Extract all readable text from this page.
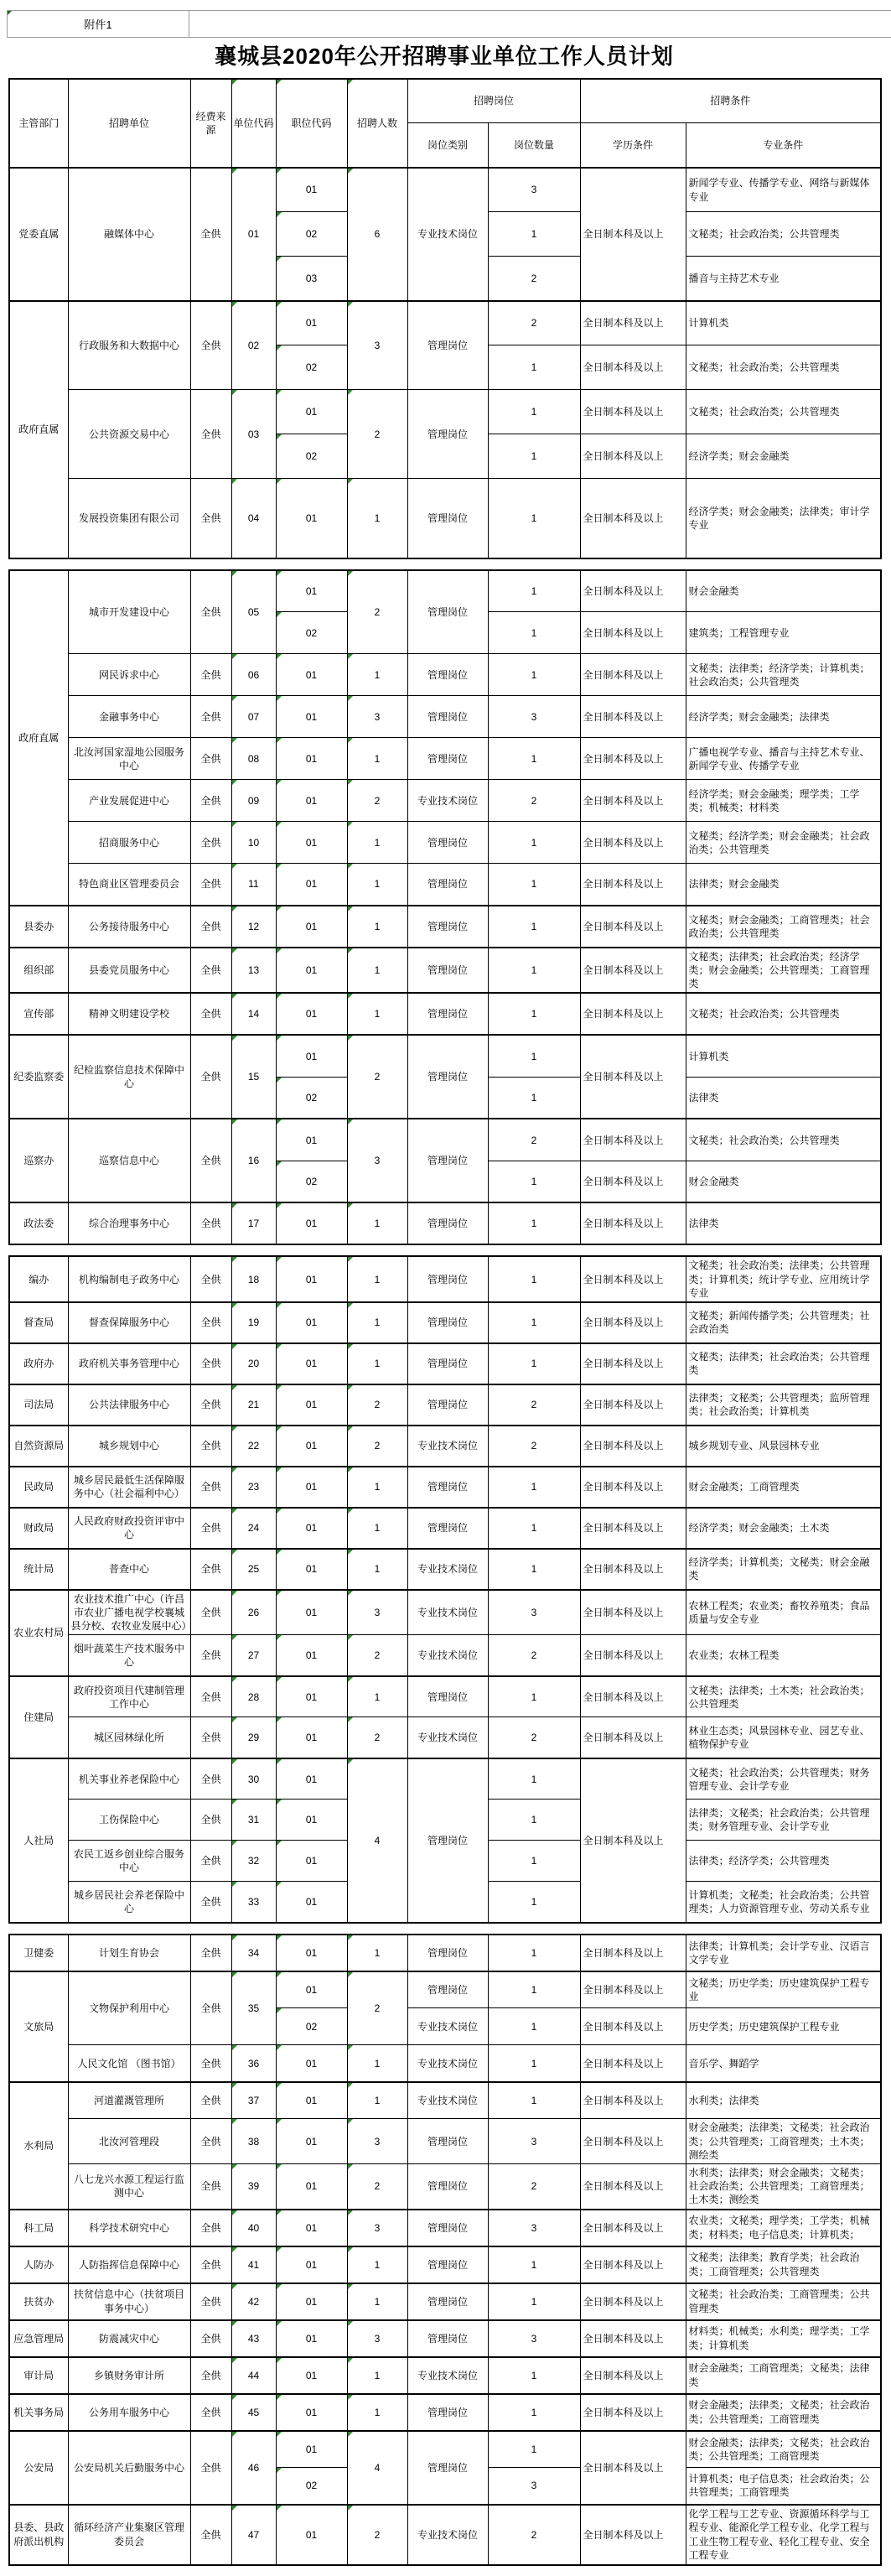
附件1
襄城县2020年公开招聘事业单位工作人员计划
主管部门	招聘单位	经费来源	单位代码	职位代码	招聘人数	招聘岗位		招聘条件	
						岗位类别	岗位数量	学历条件	专业条件
党委直属	融媒体中心	全供	01	01	6	专业技术岗位	3	全日制本科及以上	新闻学专业、传播学专业、网络与新媒体专业
				02			1		文秘类；社会政治类；公共管理类
				03			2		播音与主持艺术专业
政府直属	行政服务和大数据中心	全供	02	01	3	管理岗位	2	全日制本科及以上	计算机类
				02			1	全日制本科及以上	文秘类；社会政治类；公共管理类
	公共资源交易中心	全供	03	01	2	管理岗位	1	全日制本科及以上	文秘类；社会政治类；公共管理类
				02			1	全日制本科及以上	经济学类；财会金融类
	发展投资集团有限公司	全供	04	01	1	管理岗位	1	全日制本科及以上	经济学类；财会金融类；法律类；审计学专业
政府直属	城市开发建设中心	全供	05	01	2	管理岗位	1	全日制本科及以上	财会金融类
				02			1	全日制本科及以上	建筑类；工程管理专业
	网民诉求中心	全供	06	01	1	管理岗位	1	全日制本科及以上	文秘类；法律类；经济学类；计算机类；社会政治类；公共管理类
	金融事务中心	全供	07	01	3	管理岗位	3	全日制本科及以上	经济学类；财会金融类；法律类
	北汝河国家湿地公园服务中心	全供	08	01	1	管理岗位	1	全日制本科及以上	广播电视学专业、播音与主持艺术专业、新闻学专业、传播学专业
	产业发展促进中心	全供	09	01	2	专业技术岗位	2	全日制本科及以上	经济学类；财会金融类；理学类；工学类；机械类；材料类
	招商服务中心	全供	10	01	1	管理岗位	1	全日制本科及以上	文秘类；经济学类；财会金融类；社会政治类；公共管理类
	特色商业区管理委员会	全供	11	01	1	管理岗位	1	全日制本科及以上	法律类；财会金融类
县委办	公务接待服务中心	全供	12	01	1	管理岗位	1	全日制本科及以上	文秘类；财会金融类；工商管理类；社会政治类；公共管理类
组织部	县委党员服务中心	全供	13	01	1	管理岗位	1	全日制本科及以上	文秘类；法律类；社会政治类；经济学类；财会金融类；公共管理类；工商管理类
宣传部	精神文明建设学校	全供	14	01	1	管理岗位	1	全日制本科及以上	文秘类；社会政治类；公共管理类
纪委监察委	纪检监察信息技术保障中心	全供	15	01	2	管理岗位	1	全日制本科及以上	计算机类
				02			1		法律类
巡察办	巡察信息中心	全供	16	01	3	管理岗位	2	全日制本科及以上	文秘类；社会政治类；公共管理类
				02			1	全日制本科及以上	财会金融类
政法委	综合治理事务中心	全供	17	01	1	管理岗位	1	全日制本科及以上	法律类
编办	机构编制电子政务中心	全供	18	01	1	管理岗位	1	全日制本科及以上	文秘类；社会政治类；法律类；公共管理类；计算机类；统计学专业、应用统计学专业
督查局	督查保障服务中心	全供	19	01	1	管理岗位	1	全日制本科及以上	文秘类；新闻传播学类；公共管理类；社会政治类
政府办	政府机关事务管理中心	全供	20	01	1	管理岗位	1	全日制本科及以上	文秘类；法律类；社会政治类；公共管理类
司法局	公共法律服务中心	全供	21	01	2	管理岗位	2	全日制本科及以上	法律类；文秘类；公共管理类；监所管理类；社会政治类；计算机类
自然资源局	城乡规划中心	全供	22	01	2	专业技术岗位	2	全日制本科及以上	城乡规划专业、风景园林专业
民政局	城乡居民最低生活保障服务中心（社会福利中心）	全供	23	01	1	管理岗位	1	全日制本科及以上	财会金融类；工商管理类
财政局	人民政府财政投资评审中心	全供	24	01	1	管理岗位	1	全日制本科及以上	经济学类；财会金融类；土木类
统计局	普查中心	全供	25	01	1	专业技术岗位	1	全日制本科及以上	经济学类；计算机类；文秘类；财会金融类
农业农村局	农业技术推广中心（许昌市农业广播电视学校襄城县分校、农牧业发展中心）	全供	26	01	3	专业技术岗位	3	全日制本科及以上	农林工程类；农业类；畜牧养殖类；食品质量与安全专业
	烟叶蔬菜生产技术服务中心	全供	27	01	2	专业技术岗位	2	全日制本科及以上	农业类；农林工程类
住建局	政府投资项目代建制管理工作中心	全供	28	01	1	管理岗位	1	全日制本科及以上	文秘类；法律类；土木类；社会政治类；公共管理类
	城区园林绿化所	全供	29	01	2	专业技术岗位	2	全日制本科及以上	林业生态类；风景园林专业、园艺专业、植物保护专业
人社局	机关事业养老保险中心	全供	30	01	4	管理岗位	1	全日制本科及以上	文秘类；社会政治类；公共管理类；财务管理专业、会计学专业
	工伤保险中心	全供	31	01			1		法律类；文秘类；社会政治类；公共管理类；财务管理专业、会计学专业
	农民工返乡创业综合服务中心	全供	32	01			1		法律类；经济学类；公共管理类
	城乡居民社会养老保险中心	全供	33	01			1		计算机类；文秘类；社会政治类；公共管理类；人力资源管理专业、劳动关系专业
卫健委	计划生育协会	全供	34	01	1	管理岗位	1	全日制本科及以上	法律类；计算机类；会计学专业、汉语言文学专业
文旅局	文物保护利用中心	全供	35	01	2	管理岗位	1	全日制本科及以上	文秘类；历史学类；历史建筑保护工程专业
				02		专业技术岗位	1	全日制本科及以上	历史学类；历史建筑保护工程专业
	人民文化馆 （图书馆）	全供	36	01	1	专业技术岗位	1	全日制本科及以上	音乐学、舞蹈学
水利局	河道灌溉管理所	全供	37	01	1	专业技术岗位	1	全日制本科及以上	水利类；法律类
	北汝河管理段	全供	38	01	3	管理岗位	3	全日制本科及以上	财会金融类；法律类；文秘类；社会政治类；公共管理类；工商管理类；土木类；测绘类
	八七龙兴水源工程运行监测中心	全供	39	01	2	管理岗位	2	全日制本科及以上	水利类；法律类；财会金融类；文秘类；社会政治类；公共管理类；工商管理类；土木类；测绘类
科工局	科学技术研究中心	全供	40	01	3	管理岗位	3	全日制本科及以上	农业类；文秘类；理学类；工学类；机械类；材料类；电子信息类；计算机类；
人防办	人防指挥信息保障中心	全供	41	01	1	管理岗位	1	全日制本科及以上	文秘类；法律类；教育学类；社会政治类；工商管理类；公共管理类
扶贫办	扶贫信息中心（扶贫项目事务中心）	全供	42	01	1	管理岗位	1	全日制本科及以上	文秘类；社会政治类；工商管理类；公共管理类
应急管理局	防震减灾中心	全供	43	01	3	管理岗位	3	全日制本科及以上	材料类；机械类；水利类；理学类；工学类；计算机类
审计局	乡镇财务审计所	全供	44	01	1	专业技术岗位	1	全日制本科及以上	财会金融类；工商管理类；文秘类；法律类
机关事务局	公务用车服务中心	全供	45	01	1	管理岗位	1	全日制本科及以上	财会金融类；法律类；文秘类；社会政治类；公共管理类；工商管理类
公安局	公安局机关后勤服务中心	全供	46	01	4	管理岗位	1	全日制本科及以上	财会金融类；法律类；文秘类；社会政治类；公共管理类；工商管理类
				02			3		计算机类；电子信息类；社会政治类；公共管理类；工商管理类
县委、县政府派出机构	循环经济产业集聚区管理委员会	全供	47	01	2	专业技术岗位	2	全日制本科及以上	化学工程与工艺专业、资源循环科学与工程专业、能源化学工程专业、化学工程与工业生物工程专业、轻化工程专业、安全工程专业
